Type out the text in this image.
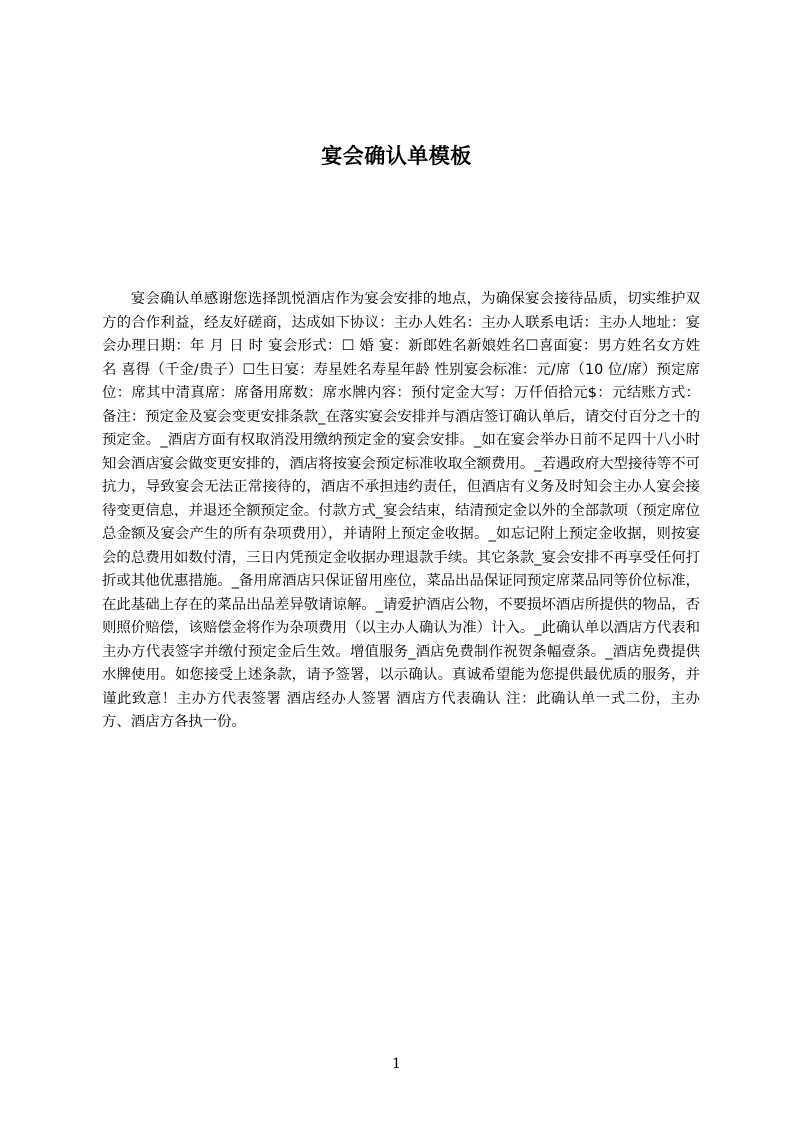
宴会确认单模板

宴会确认单感谢您选择凯悦酒店作为宴会安排的地点，为确保宴会接待品质，切实维护双方的合作利益，经友好磋商，达成如下协议：主办人姓名：主办人联系电话：主办人地址：宴会办理日期：年 月 日 时 宴会形式：☐ 婚 宴：新郎姓名新娘姓名☐喜面宴：男方姓名女方姓名 喜得（千金/贵子）☐生日宴：寿星姓名寿星年龄 性别宴会标准：元/席（10 位/席）预定席位：席其中清真席：席备用席数：席水牌内容：预付定金大写：万仟佰拾元$：元结账方式：备注：预定金及宴会变更安排条款_在落实宴会安排并与酒店签订确认单后，请交付百分之十的预定金。_酒店方面有权取消没用缴纳预定金的宴会安排。_如在宴会举办日前不足四十八小时知会酒店宴会做变更安排的，酒店将按宴会预定标准收取全额费用。_若遇政府大型接待等不可抗力，导致宴会无法正常接待的，酒店不承担违约责任，但酒店有义务及时知会主办人宴会接待变更信息，并退还全额预定金。付款方式_宴会结束，结清预定金以外的全部款项（预定席位总金额及宴会产生的所有杂项费用），并请附上预定金收据。_如忘记附上预定金收据，则按宴会的总费用如数付清，三日内凭预定金收据办理退款手续。其它条款_宴会安排不再享受任何打折或其他优惠措施。_备用席酒店只保证留用座位，菜品出品保证同预定席菜品同等价位标准，在此基础上存在的菜品出品差异敬请谅解。_请爱护酒店公物，不要损坏酒店所提供的物品，否则照价赔偿，该赔偿金将作为杂项费用（以主办人确认为准）计入。_此确认单以酒店方代表和主办方代表签字并缴付预定金后生效。增值服务_酒店免费制作祝贺条幅壹条。_酒店免费提供水牌使用。如您接受上述条款，请予签署，以示确认。真诚希望能为您提供最优质的服务，并谨此致意！主办方代表签署 酒店经办人签署 酒店方代表确认 注：此确认单一式二份，主办方、酒店方各执一份。

1
